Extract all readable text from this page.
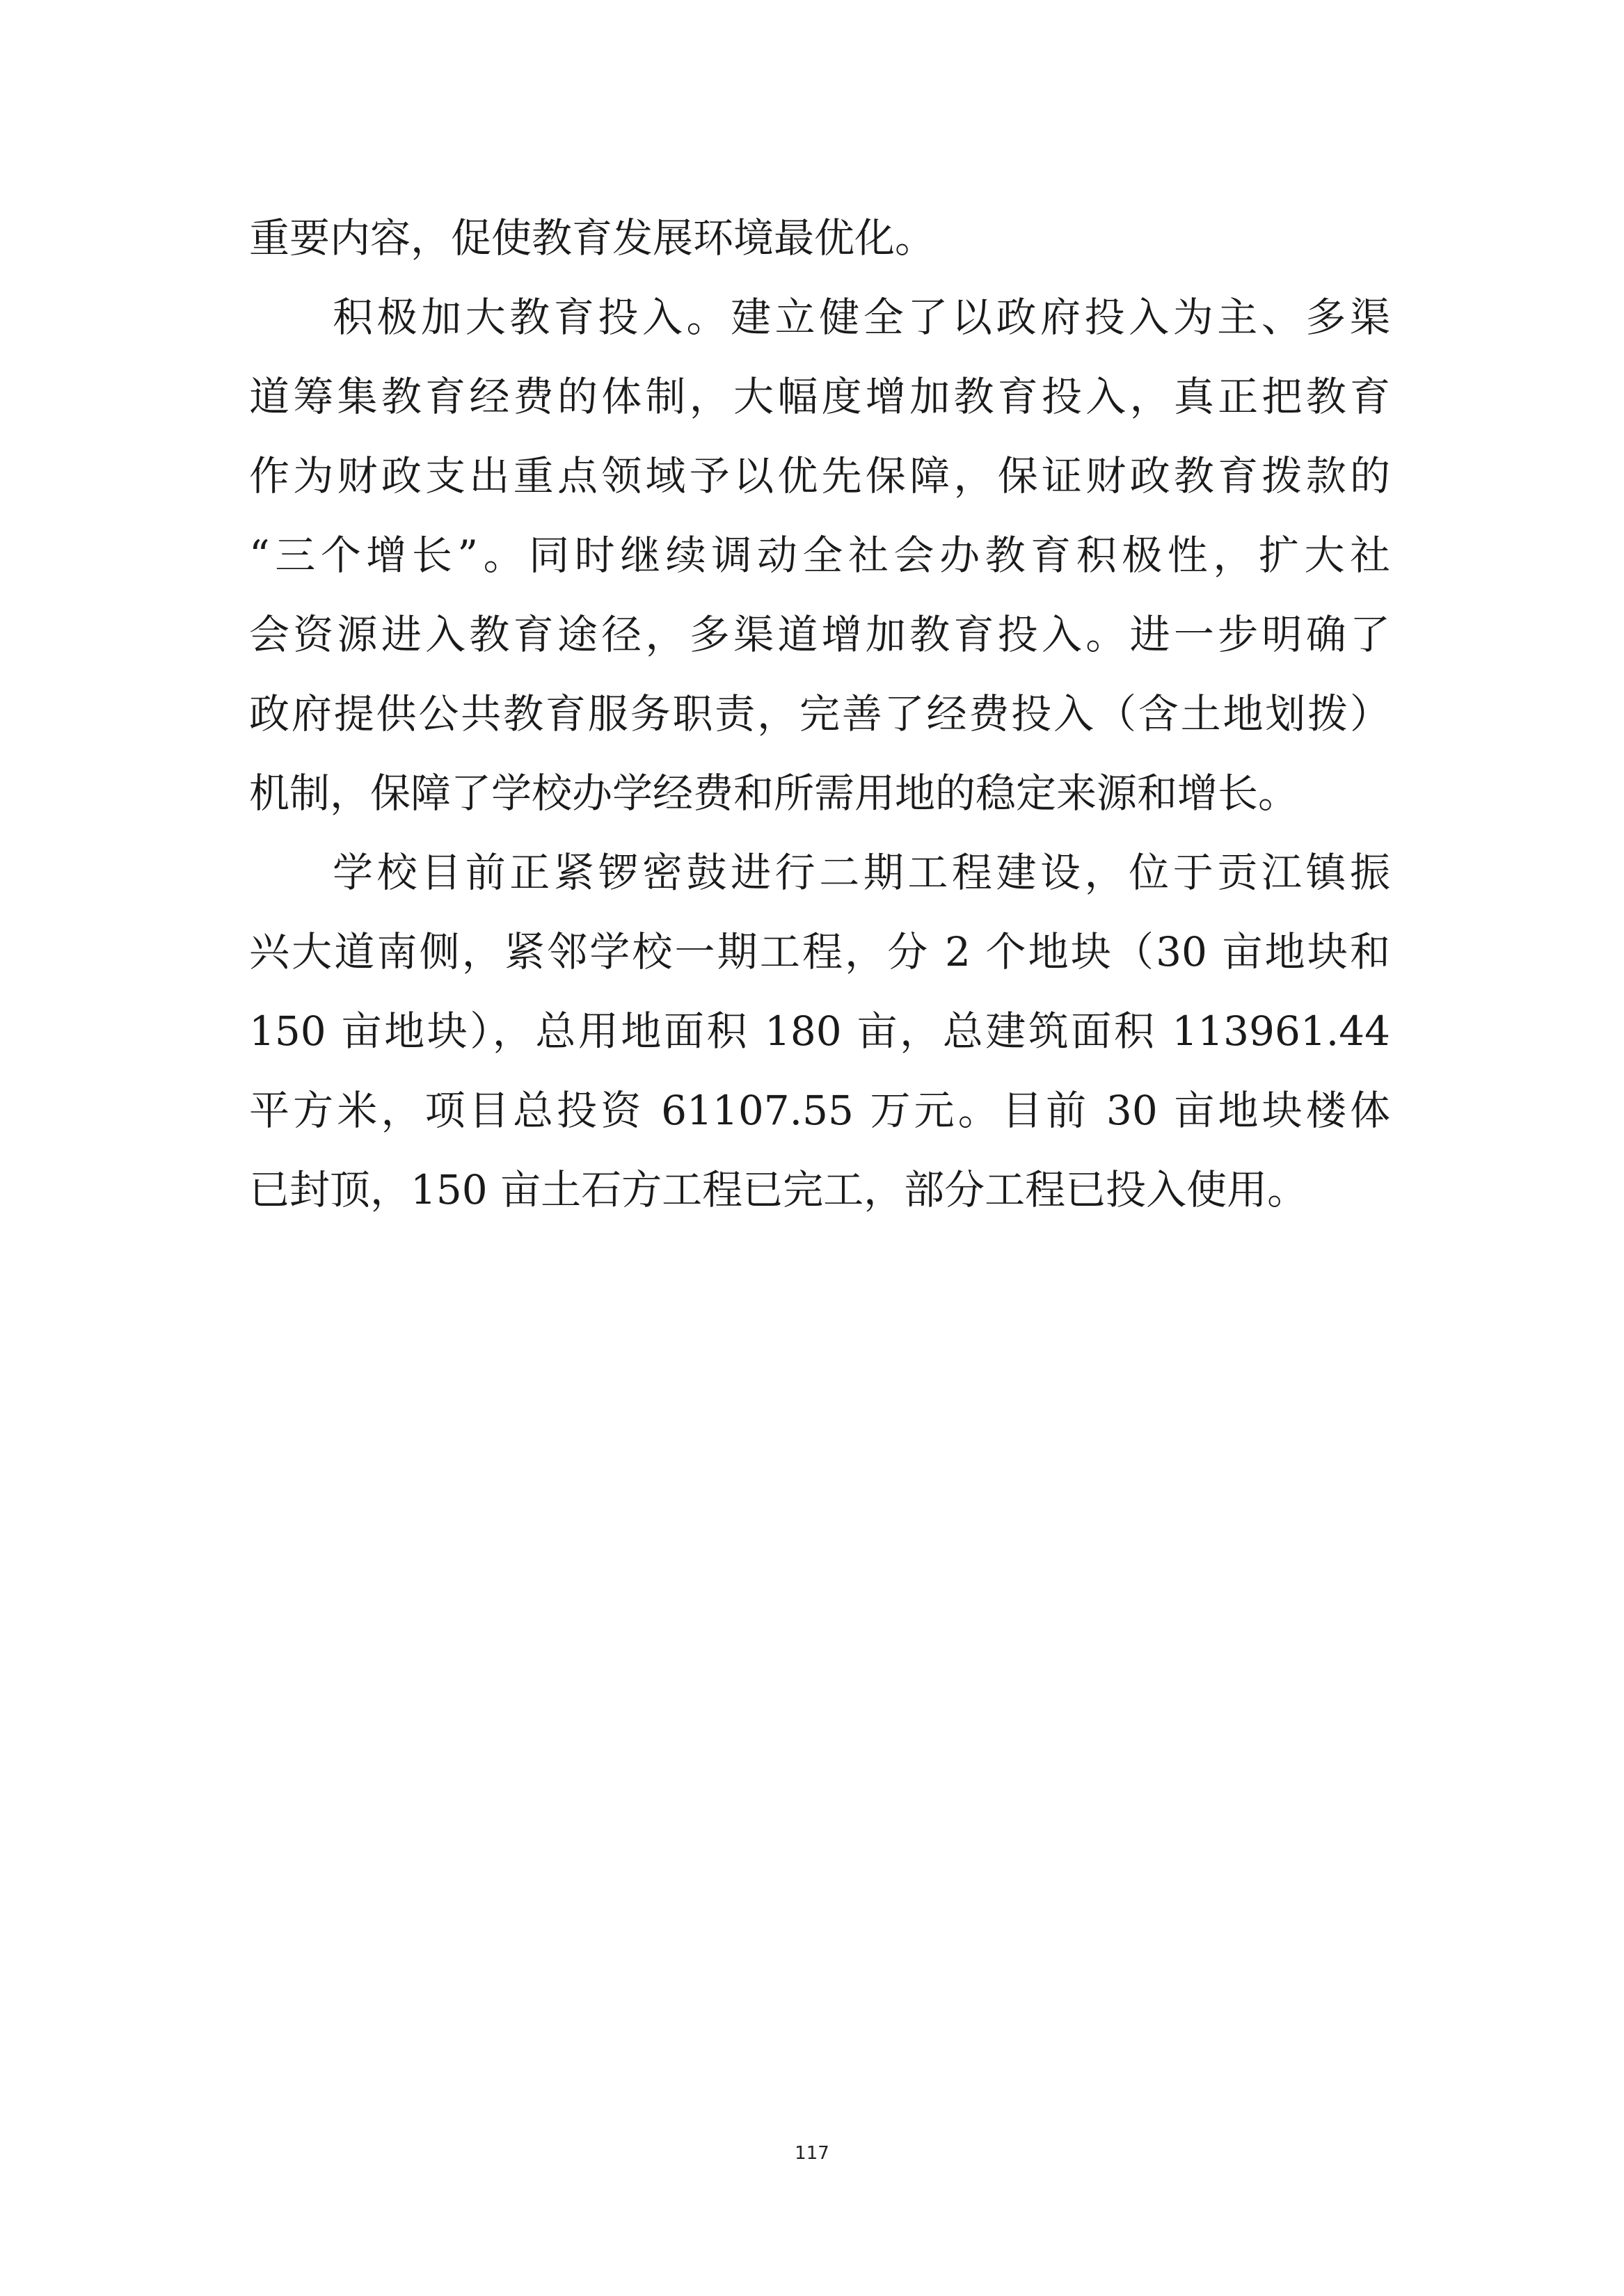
重要内容，促使教育发展环境最优化。
积极加大教育投入。建立健全了以政府投入为主、多渠
道筹集教育经费的体制，大幅度增加教育投入，真正把教育
作为财政支出重点领域予以优先保障，保证财政教育拨款的
“三个增长”。同时继续调动全社会办教育积极性，扩大社
会资源进入教育途径，多渠道增加教育投入。进一步明确了
政府提供公共教育服务职责，完善了经费投入（含土地划拨）
机制，保障了学校办学经费和所需用地的稳定来源和增长。
学校目前正紧锣密鼓进行二期工程建设，位于贡江镇振
兴大道南侧，紧邻学校一期工程，分 2 个地块（30 亩地块和
150 亩地块），总用地面积 180 亩，总建筑面积 113961.44
平方米，项目总投资 61107.55 万元。目前 30 亩地块楼体
已封顶，150 亩土石方工程已完工，部分工程已投入使用。
117
